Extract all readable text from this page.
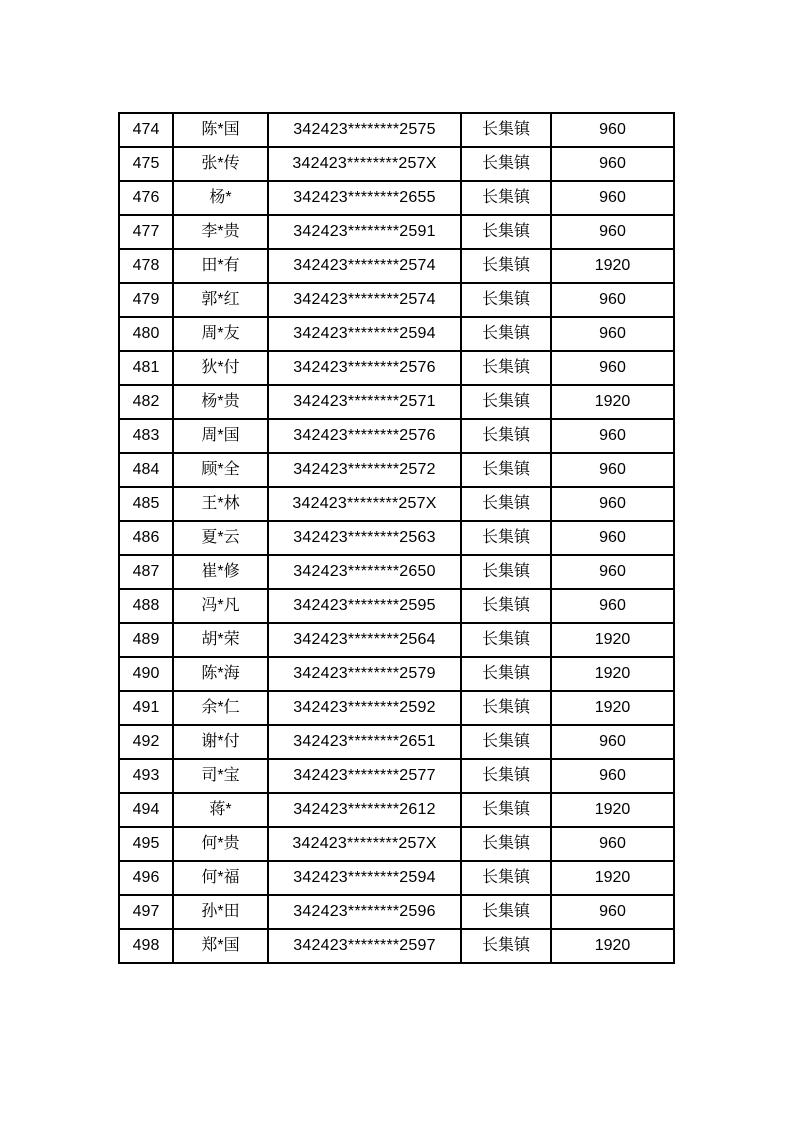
474	陈*国	342423********2575	长集镇	960
475	张*传	342423********257X	长集镇	960
476	杨*	342423********2655	长集镇	960
477	李*贵	342423********2591	长集镇	960
478	田*有	342423********2574	长集镇	1920
479	郭*红	342423********2574	长集镇	960
480	周*友	342423********2594	长集镇	960
481	狄*付	342423********2576	长集镇	960
482	杨*贵	342423********2571	长集镇	1920
483	周*国	342423********2576	长集镇	960
484	顾*全	342423********2572	长集镇	960
485	王*林	342423********257X	长集镇	960
486	夏*云	342423********2563	长集镇	960
487	崔*修	342423********2650	长集镇	960
488	冯*凡	342423********2595	长集镇	960
489	胡*荣	342423********2564	长集镇	1920
490	陈*海	342423********2579	长集镇	1920
491	余*仁	342423********2592	长集镇	1920
492	谢*付	342423********2651	长集镇	960
493	司*宝	342423********2577	长集镇	960
494	蒋*	342423********2612	长集镇	1920
495	何*贵	342423********257X	长集镇	960
496	何*福	342423********2594	长集镇	1920
497	孙*田	342423********2596	长集镇	960
498	郑*国	342423********2597	长集镇	1920
